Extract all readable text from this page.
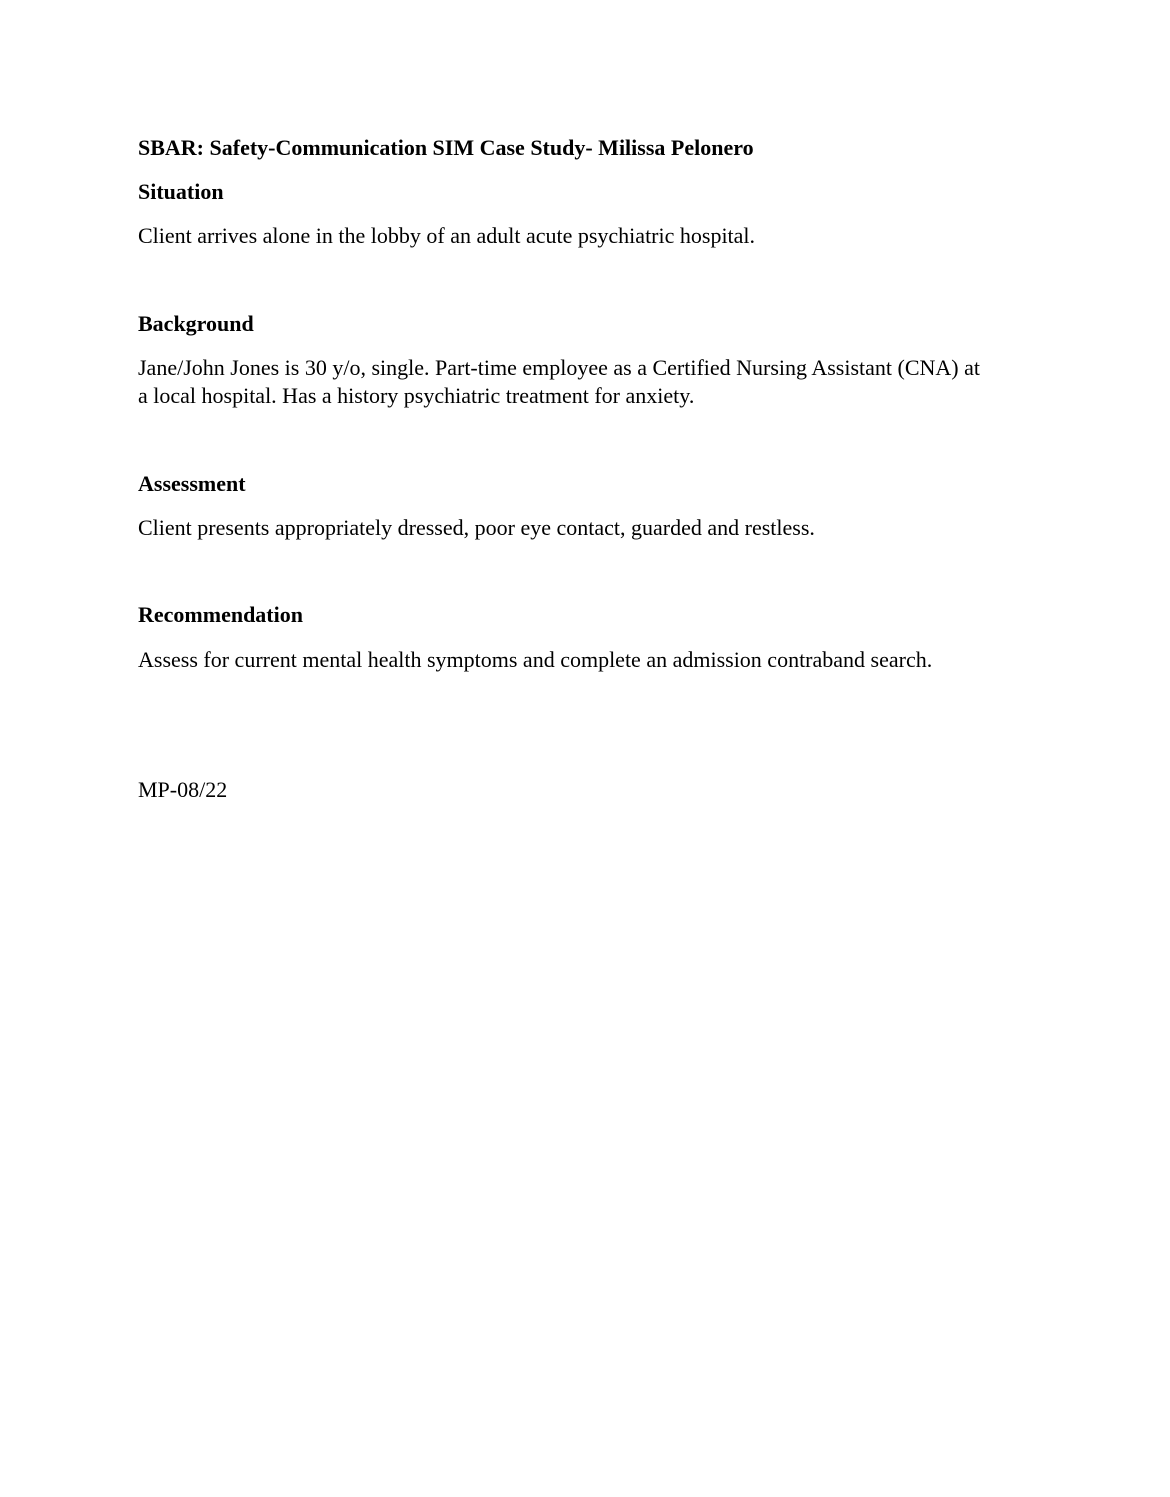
SBAR: Safety-Communication SIM Case Study- Milissa Pelonero
Situation
Client arrives alone in the lobby of an adult acute psychiatric hospital.
Background
Jane/John Jones is 30 y/o, single. Part-time employee as a Certified Nursing Assistant (CNA) at
a local hospital. Has a history psychiatric treatment for anxiety.
Assessment
Client presents appropriately dressed, poor eye contact, guarded and restless.
Recommendation
Assess for current mental health symptoms and complete an admission contraband search.
MP-08/22
